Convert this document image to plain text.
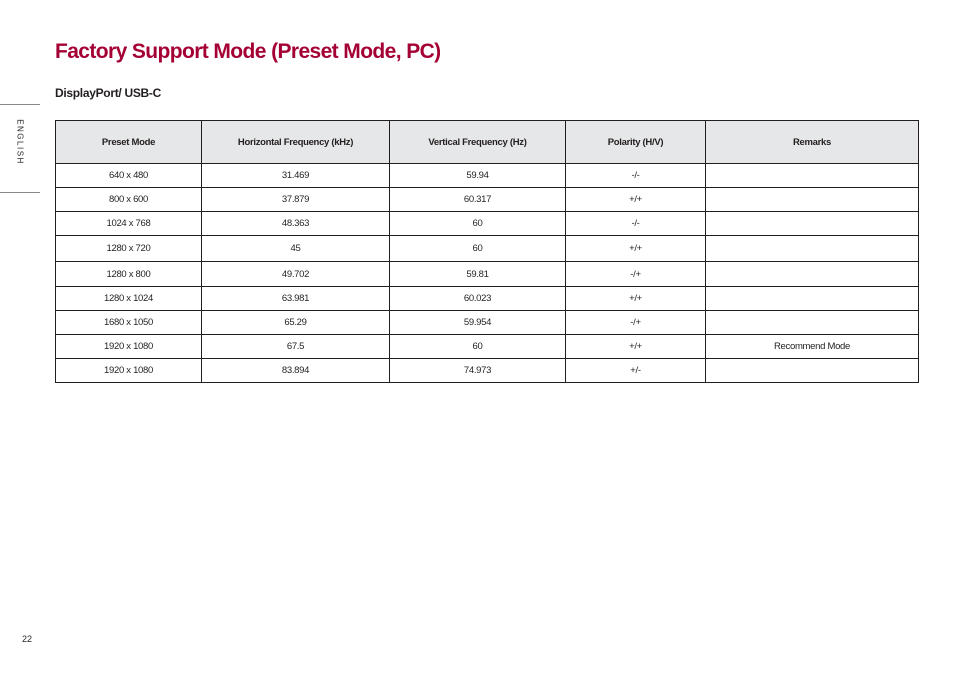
Factory Support Mode (Preset Mode, PC)
DisplayPort/ USB-C
ENGLISH	Preset Mode	Horizontal Frequency (kHz)	Vertical Frequency (Hz)	Polarity (H/V)	Remarks
640 x 480	31.469	59.94	-/-	
800 x 600	37.879	60.317	+/+	
1024 x 768	48.363	60	-/-	
1280 x 720	45	60	+/+	
1280 x 800	49.702	59.81	-/+	
1280 x 1024	63.981	60.023	+/+	
1680 x 1050	65.29	59.954	-/+	
1920 x 1080	67.5	60	+/+	Recommend Mode
1920 x 1080	83.894	74.973	+/-	
22
